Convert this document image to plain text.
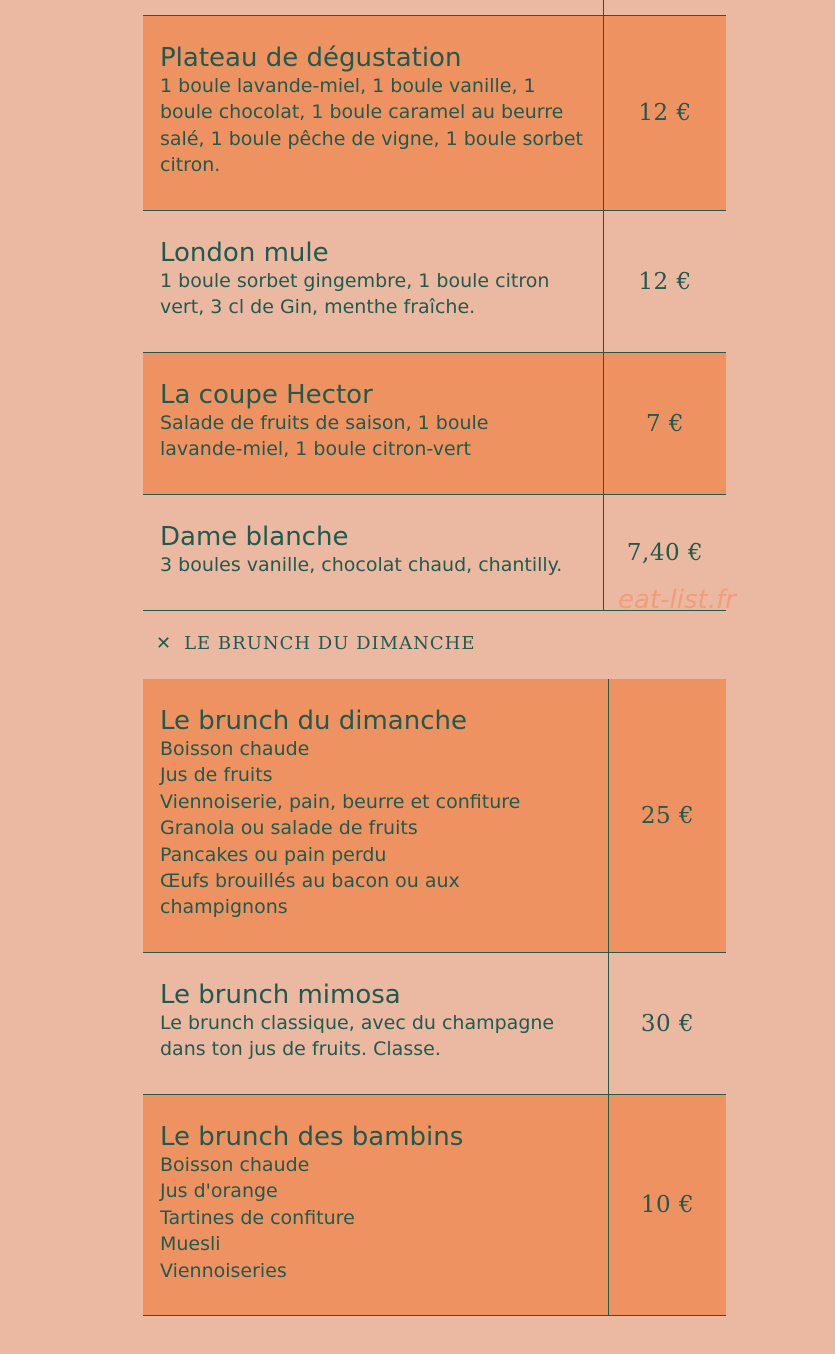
Plateau de dégustation
1 boule lavande-miel, 1 boule vanille, 1
boule chocolat, 1 boule caramel au beurre
salé, 1 boule pêche de vigne, 1 boule sorbet
citron.
12 €
London mule
1 boule sorbet gingembre, 1 boule citron
vert, 3 cl de Gin, menthe fraîche.
12 €
La coupe Hector
Salade de fruits de saison, 1 boule
lavande-miel, 1 boule citron-vert
7 €
Dame blanche
3 boules vanille, chocolat chaud, chantilly.	7,40 €
eat-list.fr
✕ LE BRUNCH DU DIMANCHE
Le brunch du dimanche
Boisson chaude
Jus de fruits
Viennoiserie, pain, beurre et confiture
Granola ou salade de fruits
Pancakes ou pain perdu
Œufs brouillés au bacon ou aux
champignons
25 €
Le brunch mimosa
Le brunch classique, avec du champagne
dans ton jus de fruits. Classe.
30 €
Le brunch des bambins
Boisson chaude
Jus d'orange
Tartines de confiture
Muesli
Viennoiseries
10 €
